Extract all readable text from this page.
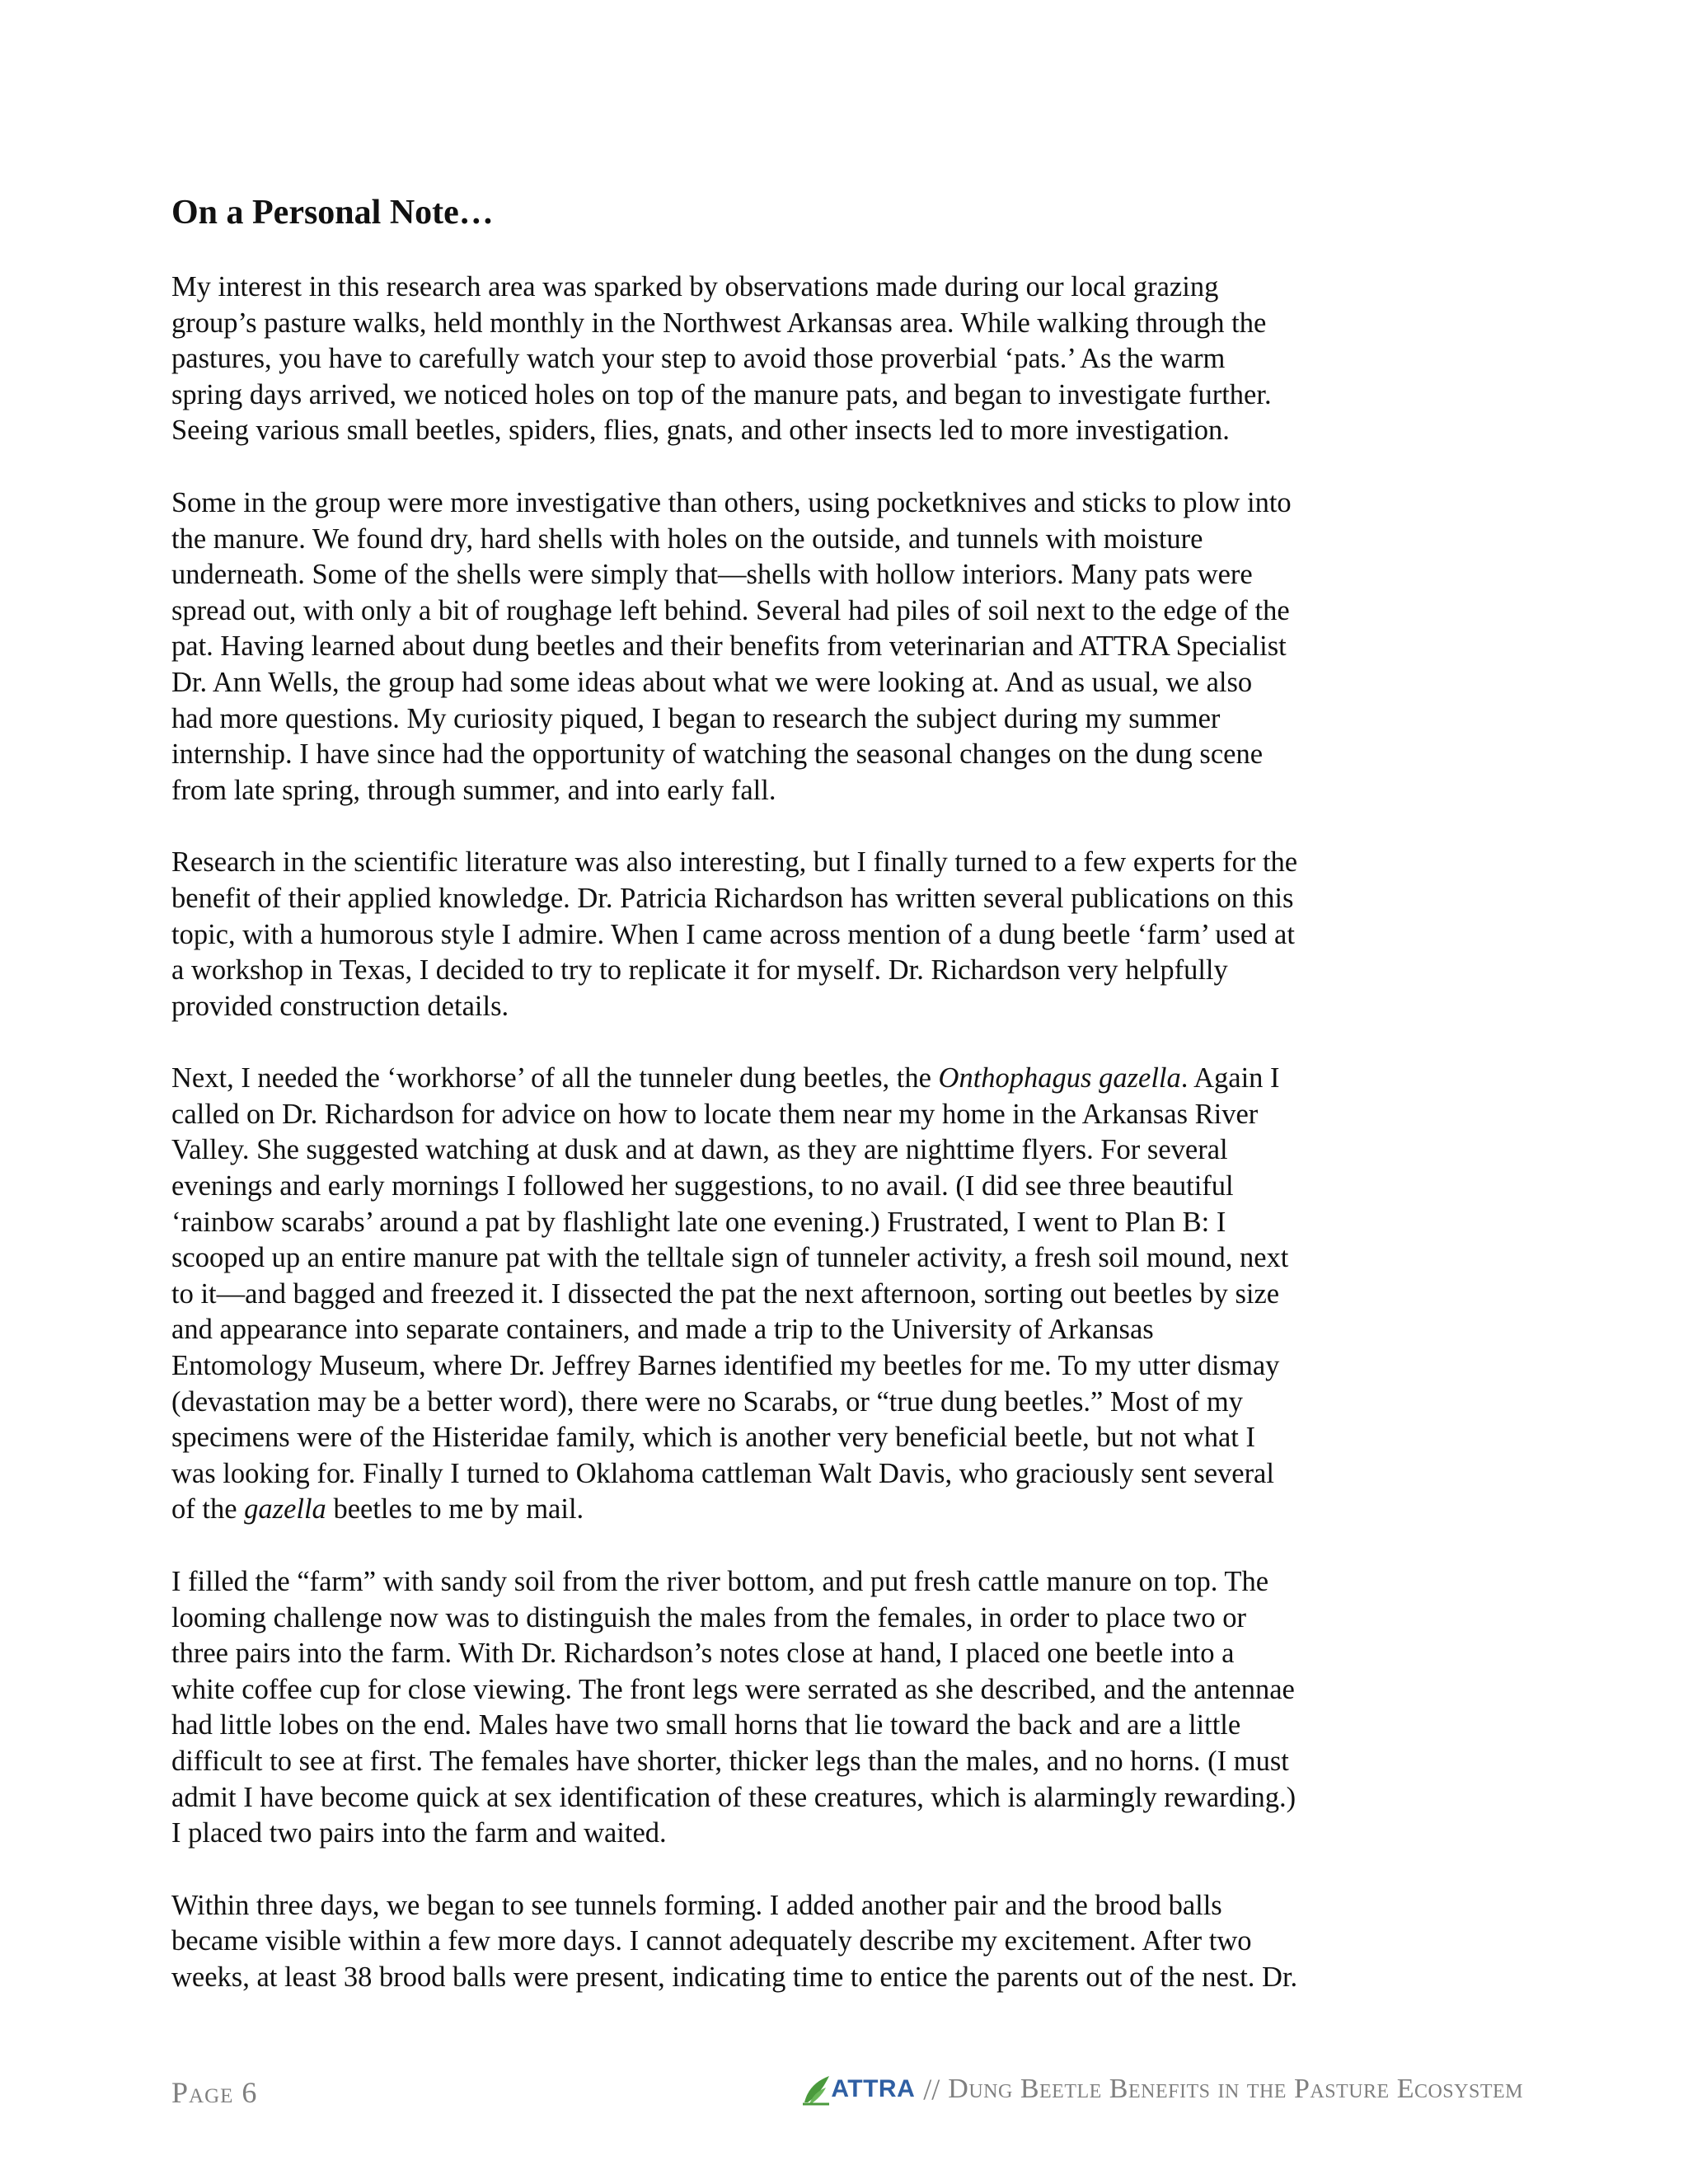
On a Personal Note…
My interest in this research area was sparked by observations made during our local grazing
group’s pasture walks, held monthly in the Northwest Arkansas area. While walking through the
pastures, you have to carefully watch your step to avoid those proverbial ‘pats.’ As the warm
spring days arrived, we noticed holes on top of the manure pats, and began to investigate further.
Seeing various small beetles, spiders, flies, gnats, and other insects led to more investigation.
Some in the group were more investigative than others, using pocketknives and sticks to plow into
the manure. We found dry, hard shells with holes on the outside, and tunnels with moisture
underneath. Some of the shells were simply that—shells with hollow interiors. Many pats were
spread out, with only a bit of roughage left behind. Several had piles of soil next to the edge of the
pat. Having learned about dung beetles and their benefits from veterinarian and ATTRA Specialist
Dr. Ann Wells, the group had some ideas about what we were looking at. And as usual, we also
had more questions. My curiosity piqued, I began to research the subject during my summer
internship. I have since had the opportunity of watching the seasonal changes on the dung scene
from late spring, through summer, and into early fall.
Research in the scientific literature was also interesting, but I finally turned to a few experts for the
benefit of their applied knowledge. Dr. Patricia Richardson has written several publications on this
topic, with a humorous style I admire. When I came across mention of a dung beetle ‘farm’ used at
a workshop in Texas, I decided to try to replicate it for myself. Dr. Richardson very helpfully
provided construction details.
Next, I needed the ‘workhorse’ of all the tunneler dung beetles, the Onthophagus gazella. Again I
called on Dr. Richardson for advice on how to locate them near my home in the Arkansas River
Valley. She suggested watching at dusk and at dawn, as they are nighttime flyers. For several
evenings and early mornings I followed her suggestions, to no avail. (I did see three beautiful
‘rainbow scarabs’ around a pat by flashlight late one evening.) Frustrated, I went to Plan B: I
scooped up an entire manure pat with the telltale sign of tunneler activity, a fresh soil mound, next
to it—and bagged and freezed it. I dissected the pat the next afternoon, sorting out beetles by size
and appearance into separate containers, and made a trip to the University of Arkansas
Entomology Museum, where Dr. Jeffrey Barnes identified my beetles for me. To my utter dismay
(devastation may be a better word), there were no Scarabs, or “true dung beetles.” Most of my
specimens were of the Histeridae family, which is another very beneficial beetle, but not what I
was looking for. Finally I turned to Oklahoma cattleman Walt Davis, who graciously sent several
of the gazella beetles to me by mail.
I filled the “farm” with sandy soil from the river bottom, and put fresh cattle manure on top. The
looming challenge now was to distinguish the males from the females, in order to place two or
three pairs into the farm. With Dr. Richardson’s notes close at hand, I placed one beetle into a
white coffee cup for close viewing. The front legs were serrated as she described, and the antennae
had little lobes on the end. Males have two small horns that lie toward the back and are a little
difficult to see at first. The females have shorter, thicker legs than the males, and no horns. (I must
admit I have become quick at sex identification of these creatures, which is alarmingly rewarding.)
I placed two pairs into the farm and waited.
Within three days, we began to see tunnels forming. I added another pair and the brood balls
became visible within a few more days. I cannot adequately describe my excitement. After two
weeks, at least 38 brood balls were present, indicating time to entice the parents out of the nest. Dr.
Page 6	ATTRA // Dung Beetle Benefits in the Pasture Ecosystem
